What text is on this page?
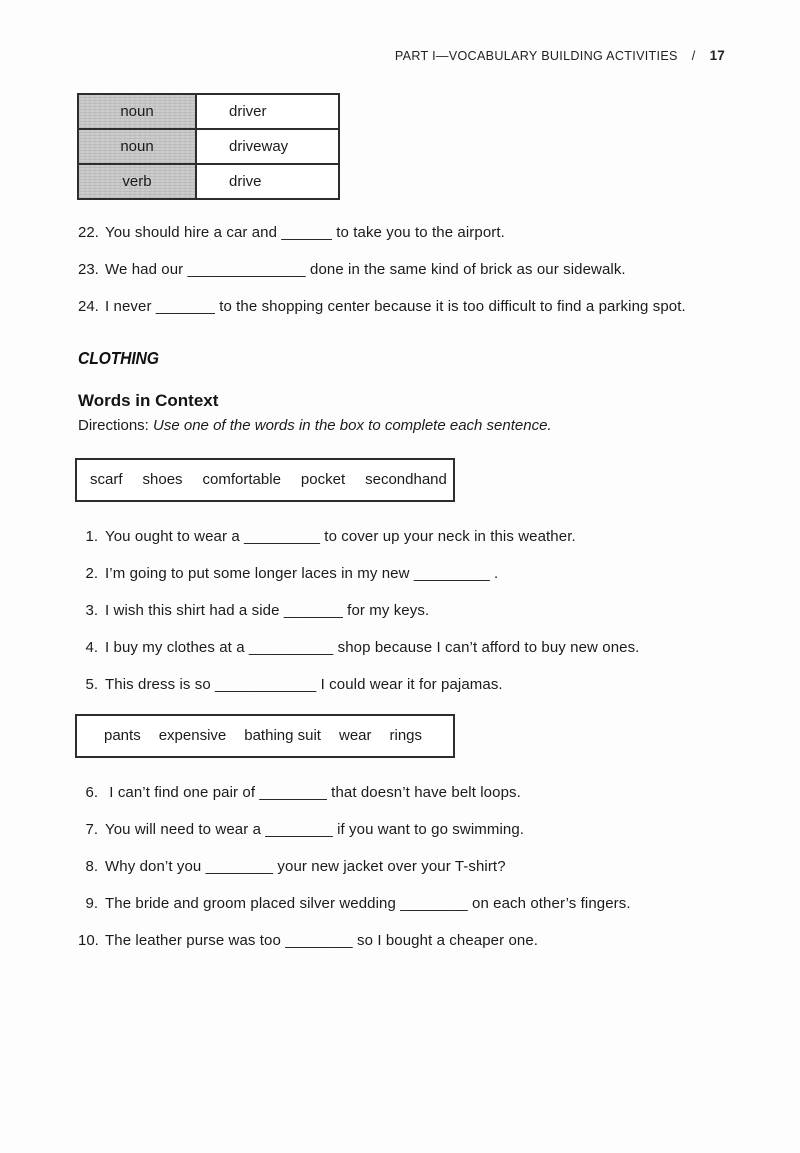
PART I—VOCABULARY BUILDING ACTIVITIES / 17
noun	driver
noun	driveway
verb	drive
22. You should hire a car and ______ to take you to the airport.
23. We had our ______________ done in the same kind of brick as our sidewalk.
24. I never _______ to the shopping center because it is too difficult to find a parking spot.
CLOTHING
Words in Context
Directions: Use one of the words in the box to complete each sentence.
scarf shoes comfortable pocket secondhand
1. You ought to wear a _________ to cover up your neck in this weather.
2. I’m going to put some longer laces in my new _________ .
3. I wish this shirt had a side _______ for my keys.
4. I buy my clothes at a __________ shop because I can’t afford to buy new ones.
5. This dress is so ____________ I could wear it for pajamas.
pants expensive bathing suit wear rings
6. I can’t find one pair of ________ that doesn’t have belt loops.
7. You will need to wear a ________ if you want to go swimming.
8. Why don’t you ________ your new jacket over your T-shirt?
9. The bride and groom placed silver wedding ________ on each other’s fingers.
10. The leather purse was too ________ so I bought a cheaper one.
